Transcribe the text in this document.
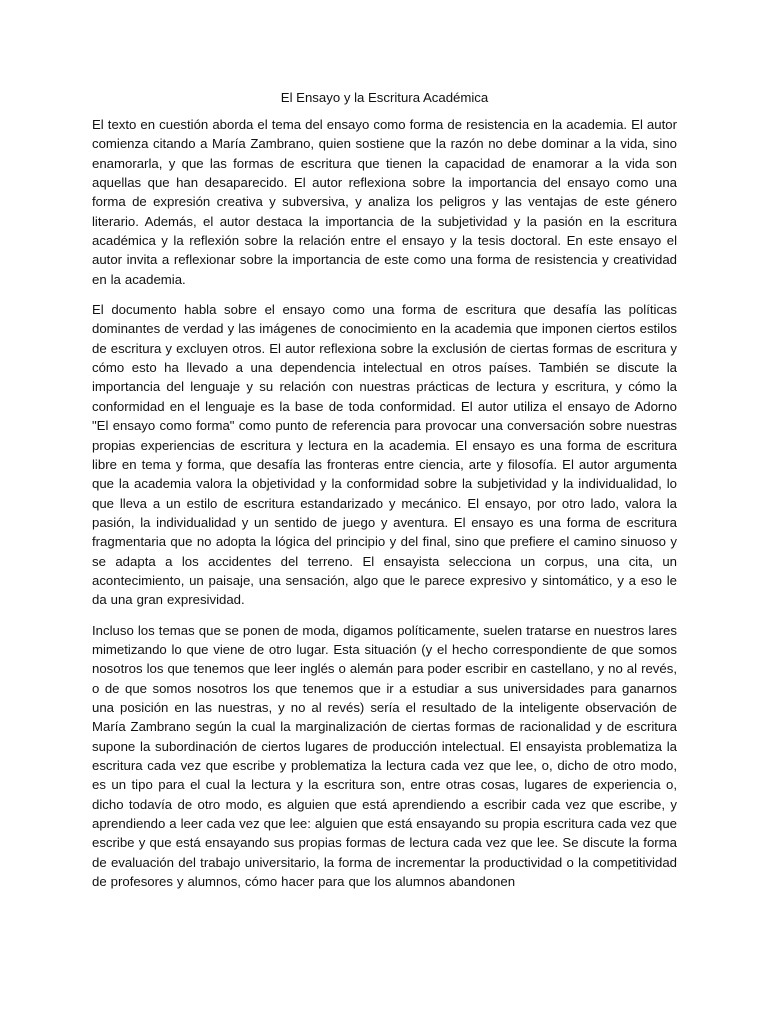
El Ensayo y la Escritura Académica

El texto en cuestión aborda el tema del ensayo como forma de resistencia en la academia. El autor comienza citando a María Zambrano, quien sostiene que la razón no debe dominar a la vida, sino enamorarla, y que las formas de escritura que tienen la capacidad de enamorar a la vida son aquellas que han desaparecido. El autor reflexiona sobre la importancia del ensayo como una forma de expresión creativa y subversiva, y analiza los peligros y las ventajas de este género literario. Además, el autor destaca la importancia de la subjetividad y la pasión en la escritura académica y la reflexión sobre la relación entre el ensayo y la tesis doctoral. En este ensayo el autor invita a reflexionar sobre la importancia de este como una forma de resistencia y creatividad en la academia.

El documento habla sobre el ensayo como una forma de escritura que desafía las políticas dominantes de verdad y las imágenes de conocimiento en la academia que imponen ciertos estilos de escritura y excluyen otros. El autor reflexiona sobre la exclusión de ciertas formas de escritura y cómo esto ha llevado a una dependencia intelectual en otros países. También se discute la importancia del lenguaje y su relación con nuestras prácticas de lectura y escritura, y cómo la conformidad en el lenguaje es la base de toda conformidad. El autor utiliza el ensayo de Adorno "El ensayo como forma" como punto de referencia para provocar una conversación sobre nuestras propias experiencias de escritura y lectura en la academia. El ensayo es una forma de escritura libre en tema y forma, que desafía las fronteras entre ciencia, arte y filosofía. El autor argumenta que la academia valora la objetividad y la conformidad sobre la subjetividad y la individualidad, lo que lleva a un estilo de escritura estandarizado y mecánico. El ensayo, por otro lado, valora la pasión, la individualidad y un sentido de juego y aventura. El ensayo es una forma de escritura fragmentaria que no adopta la lógica del principio y del final, sino que prefiere el camino sinuoso y se adapta a los accidentes del terreno. El ensayista selecciona un corpus, una cita, un acontecimiento, un paisaje, una sensación, algo que le parece expresivo y sintomático, y a eso le da una gran expresividad.

Incluso los temas que se ponen de moda, digamos políticamente, suelen tratarse en nuestros lares mimetizando lo que viene de otro lugar. Esta situación (y el hecho correspondiente de que somos nosotros los que tenemos que leer inglés o alemán para poder escribir en castellano, y no al revés, o de que somos nosotros los que tenemos que ir a estudiar a sus universidades para ganarnos una posición en las nuestras, y no al revés) sería el resultado de la inteligente observación de María Zambrano según la cual la marginalización de ciertas formas de racionalidad y de escritura supone la subordinación de ciertos lugares de producción intelectual. El ensayista problematiza la escritura cada vez que escribe y problematiza la lectura cada vez que lee, o, dicho de otro modo, es un tipo para el cual la lectura y la escritura son, entre otras cosas, lugares de experiencia o, dicho todavía de otro modo, es alguien que está aprendiendo a escribir cada vez que escribe, y aprendiendo a leer cada vez que lee: alguien que está ensayando su propia escritura cada vez que escribe y que está ensayando sus propias formas de lectura cada vez que lee. Se discute la forma de evaluación del trabajo universitario, la forma de incrementar la productividad o la competitividad de profesores y alumnos, cómo hacer para que los alumnos abandonen
